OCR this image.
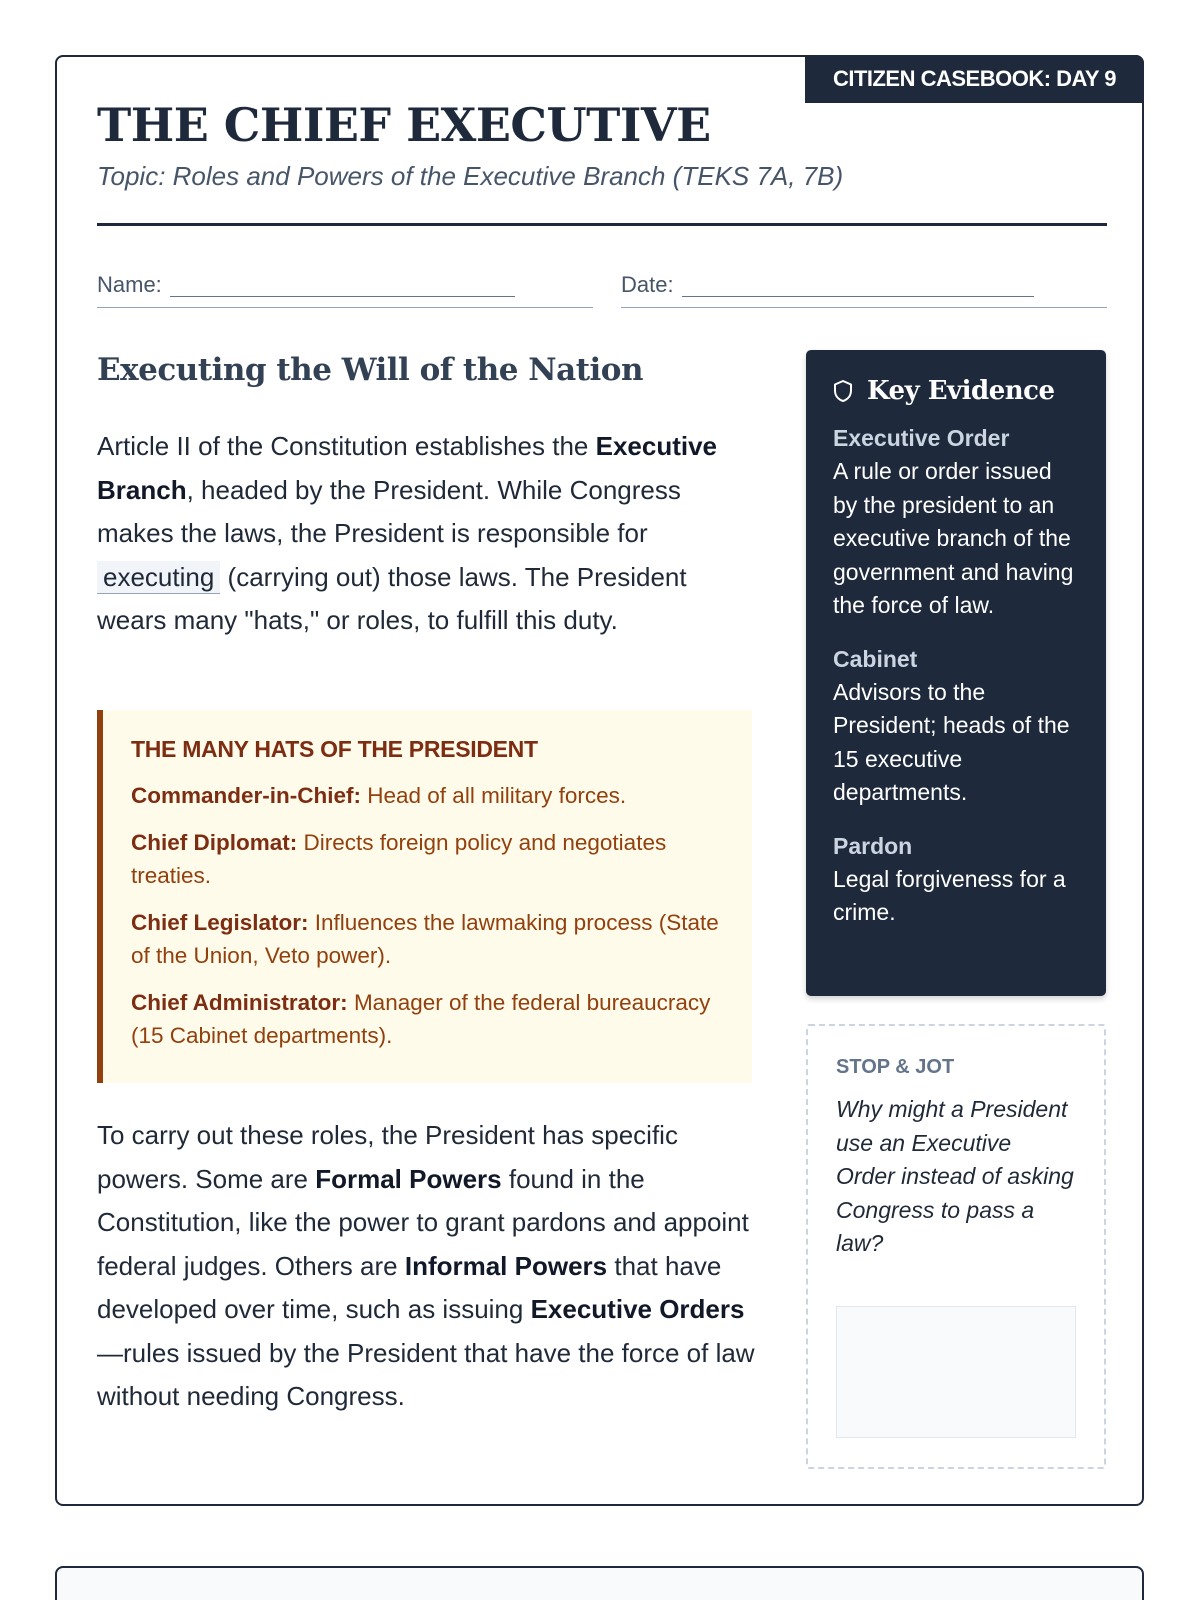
CITIZEN CASEBOOK: DAY 9
THE CHIEF EXECUTIVE
Topic: Roles and Powers of the Executive Branch (TEKS 7A, 7B)
Name:	Date:
Executing the Will of the Nation
Article II of the Constitution establishes the Executive Branch, headed by the President. While Congress makes the laws, the President is responsible for executing (carrying out) those laws. The President wears many "hats," or roles, to fulfill this duty.
THE MANY HATS OF THE PRESIDENT
Commander-in-Chief: Head of all military forces.
Chief Diplomat: Directs foreign policy and negotiates treaties.
Chief Legislator: Influences the lawmaking process (State of the Union, Veto power).
Chief Administrator: Manager of the federal bureaucracy (15 Cabinet departments).
To carry out these roles, the President has specific powers. Some are Formal Powers found in the Constitution, like the power to grant pardons and appoint federal judges. Others are Informal Powers that have developed over time, such as issuing Executive Orders—rules issued by the President that have the force of law without needing Congress.
Key Evidence
Executive Order
A rule or order issued by the president to an executive branch of the government and having the force of law.
Cabinet
Advisors to the President; heads of the 15 executive departments.
Pardon
Legal forgiveness for a crime.
STOP & JOT
Why might a President use an Executive Order instead of asking Congress to pass a law?
